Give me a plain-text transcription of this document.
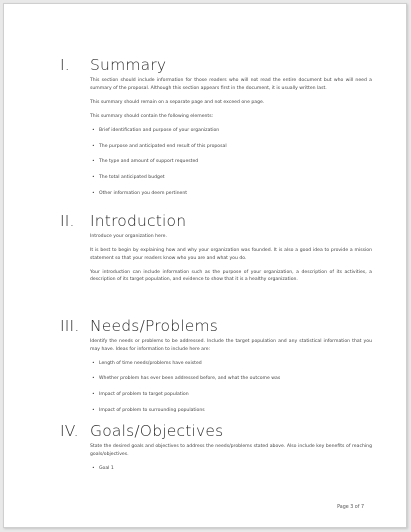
I. Summary

This section should include information for those readers who will not read the entire document but who will need a summary of the proposal. Although this section appears first in the document, it is usually written last.

This summary should remain on a separate page and not exceed one page.

This summary should contain the following elements:

• Brief identification and purpose of your organization
• The purpose and anticipated end result of this proposal
• The type and amount of support requested
• The total anticipated budget
• Other information you deem pertinent
II. Introduction

Introduce your organization here.

It is best to begin by explaining how and why your organization was founded. It is also a good idea to provide a mission statement so that your readers know who you are and what you do.

Your introduction can include information such as the purpose of your organization, a description of its activities, a description of its target population, and evidence to show that it is a healthy organization.

III. Needs/Problems

Identify the needs or problems to be addressed. Include the target population and any statistical information that you may have. Ideas for information to include here are:

• Length of time needs/problems have existed
• Whether problem has ever been addressed before, and what the outcome was
• Impact of problem to target population
• Impact of problem to surrounding populations
IV. Goals/Objectives

State the desired goals and objectives to address the needs/problems stated above. Also include key benefits of reaching goals/objectives.

• Goal 1
Page 3 of 7
